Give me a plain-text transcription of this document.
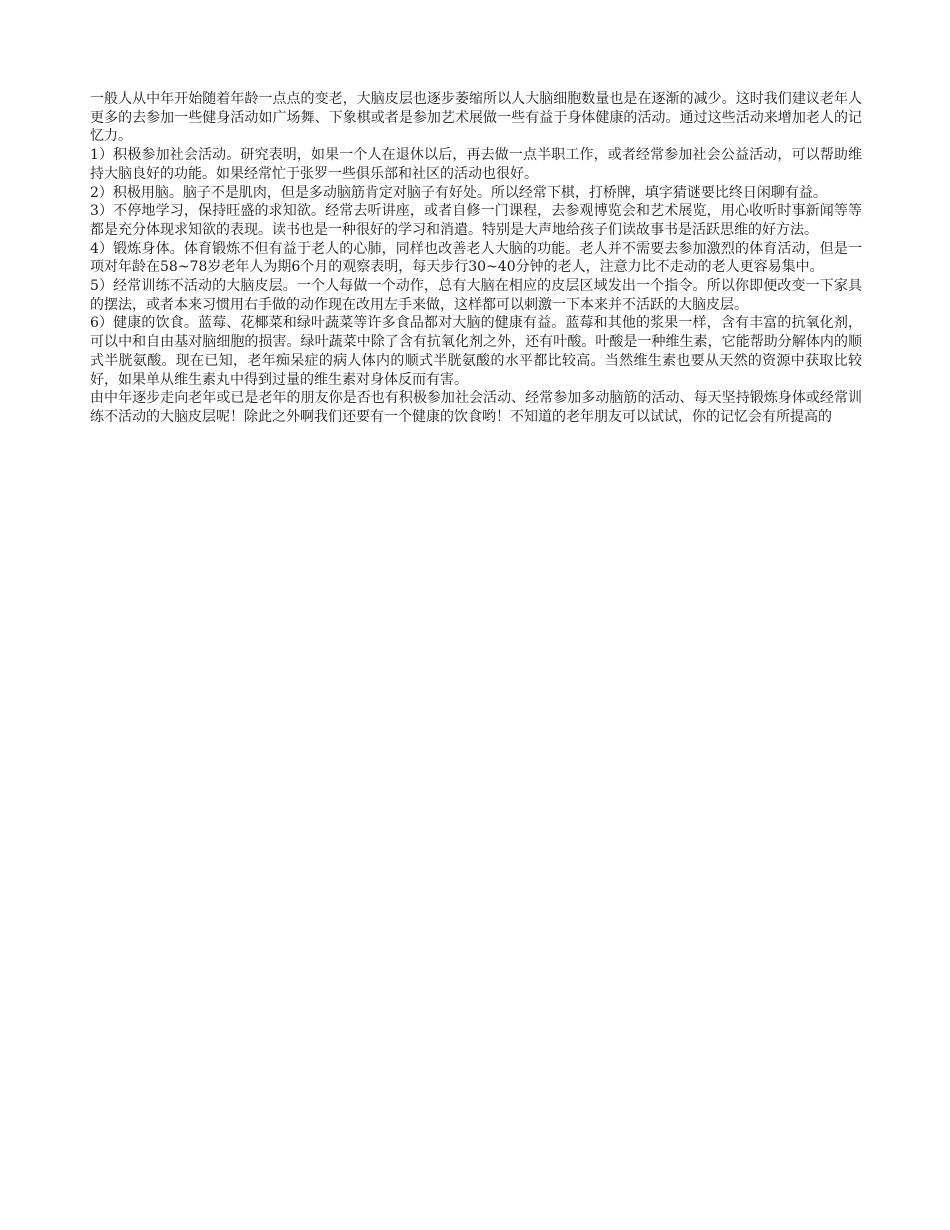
一般人从中年开始随着年龄一点点的变老，大脑皮层也逐步萎缩所以人大脑细胞数量也是在逐渐的减少。这时我们建议老年人更多的去参加一些健身活动如广场舞、下象棋或者是参加艺术展做一些有益于身体健康的活动。通过这些活动来增加老人的记忆力。

1）积极参加社会活动。研究表明，如果一个人在退休以后，再去做一点半职工作，或者经常参加社会公益活动，可以帮助维持大脑良好的功能。如果经常忙于张罗一些俱乐部和社区的活动也很好。

2）积极用脑。脑子不是肌肉，但是多动脑筋肯定对脑子有好处。所以经常下棋，打桥牌，填字猜谜要比终日闲聊有益。

3）不停地学习，保持旺盛的求知欲。经常去听讲座，或者自修一门课程，去参观博览会和艺术展览，用心收听时事新闻等等都是充分体现求知欲的表现。读书也是一种很好的学习和消遣。特别是大声地给孩子们读故事书是活跃思维的好方法。

4）锻炼身体。体育锻炼不但有益于老人的心肺，同样也改善老人大脑的功能。老人并不需要去参加激烈的体育活动，但是一项对年龄在58~78岁老年人为期6个月的观察表明，每天步行30~40分钟的老人，注意力比不走动的老人更容易集中。

5）经常训练不活动的大脑皮层。一个人每做一个动作，总有大脑在相应的皮层区域发出一个指令。所以你即便改变一下家具的摆法，或者本来习惯用右手做的动作现在改用左手来做，这样都可以刺激一下本来并不活跃的大脑皮层。

6）健康的饮食。蓝莓、花椰菜和绿叶蔬菜等许多食品都对大脑的健康有益。蓝莓和其他的浆果一样，含有丰富的抗氧化剂，可以中和自由基对脑细胞的损害。绿叶蔬菜中除了含有抗氧化剂之外，还有叶酸。叶酸是一种维生素，它能帮助分解体内的顺式半胱氨酸。现在已知，老年痴呆症的病人体内的顺式半胱氨酸的水平都比较高。当然维生素也要从天然的资源中获取比较好，如果单从维生素丸中得到过量的维生素对身体反而有害。

由中年逐步走向老年或已是老年的朋友你是否也有积极参加社会活动、经常参加多动脑筋的活动、每天坚持锻炼身体或经常训练不活动的大脑皮层呢！除此之外啊我们还要有一个健康的饮食哟！不知道的老年朋友可以试试，你的记忆会有所提高的
